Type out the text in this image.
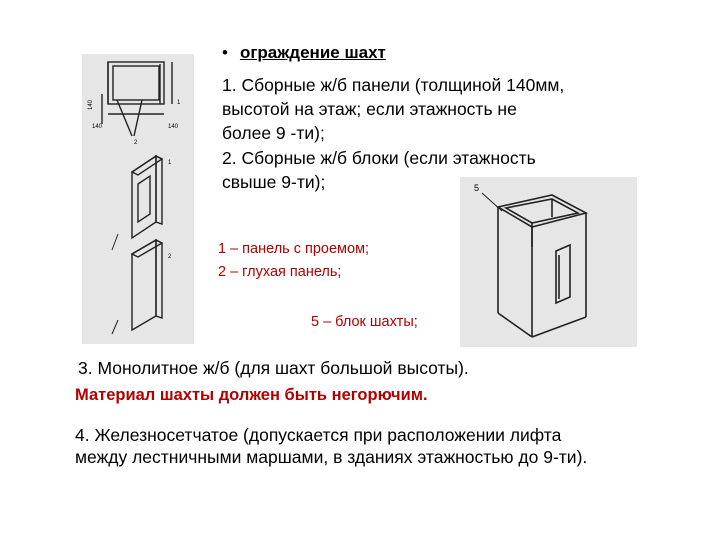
140
140	140
1
2
1
2
• ограждение шахт
1. Сборные ж/б панели (толщиной 140мм,
высотой на этаж; если этажность не
более 9 -ти);
2. Сборные ж/б блоки (если этажность
свыше 9-ти);	5
1 – панель с проемом;
2 – глухая панель;
5 – блок шахты;
3. Монолитное ж/б (для шахт большой высоты).
Материал шахты должен быть негорючим.
4. Железносетчатое (допускается при расположении лифта
между лестничными маршами, в зданиях этажностью до 9-ти).
